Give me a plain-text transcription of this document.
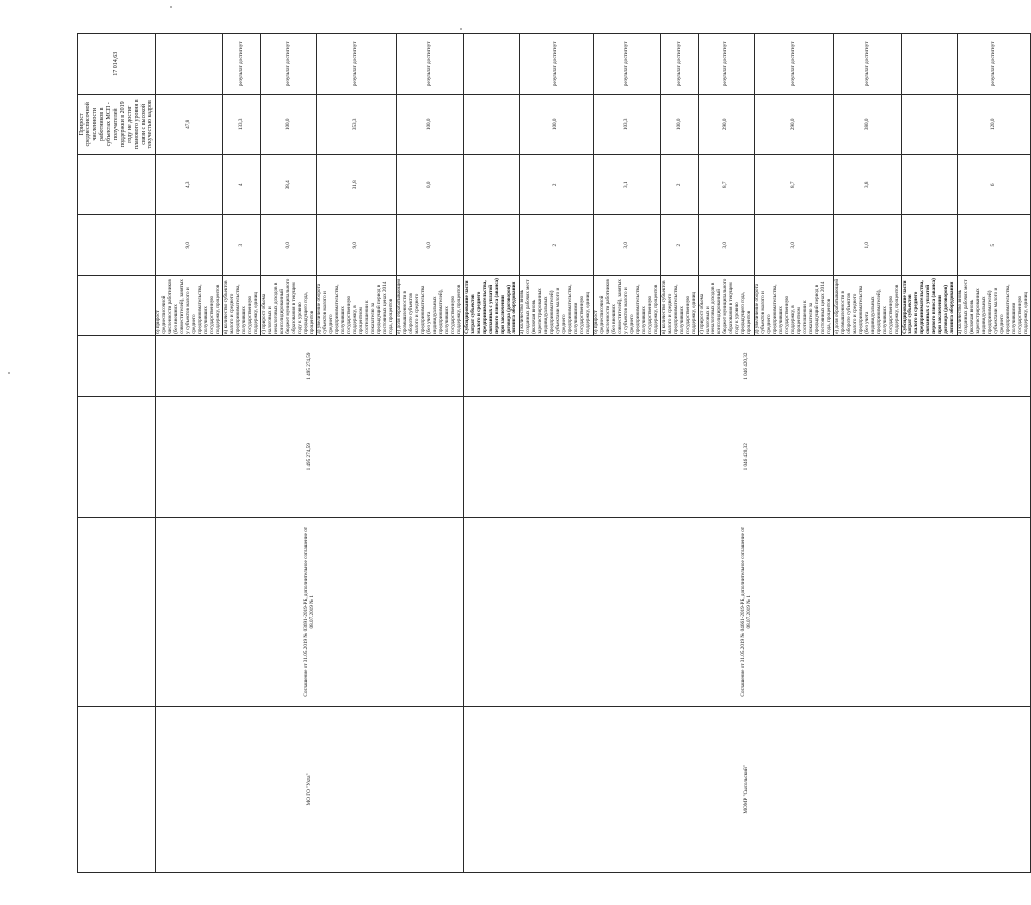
							Прирост среднесписочной численности работников в субъектах МСП - получателей поддержки в 2019 году не достиг планового уровня в связи с высокой текучестью кадров	17 014,63
МО ГО "Ухта"	Соглашение от 31.05.2019 № 03691-2019-РБ, дополнительное соглашение от 08.07.2019 № 1	1 495 274,59	1 495 274,59	б) прирост среднесписочной численности работников (без внешних совместителей), занятых у субъектов малого и среднего предпринимательства, получивших государственную поддержку, процентов	9,0	4,3	47,8	
				в) количество субъектов малого и среднего предпринимательства, получивших государственную поддержку, единиц	3	4	133,3	результат достигнут
				г) прирост объема налоговых и неналоговых доходов в консолидированный бюджет муниципального образования в текущем году к уровню предыдущего года, процентов	0,0	38,4	100,0	результат достигнут
				д) увеличение оборота субъектов малого и среднего предпринимательства, получивших государственную поддержку, в процентном соотношении к показателю за предыдущий период в постоянных ценах 2014 года, процентов	9,0	31,8	353,3	результат достигнут
				е) доля обрабатывающей промышленности в обороте субъектов малого и среднего предпринимательства (без учета индивидуальных предпринимателей), получивших государственную поддержку, процентов	0,0	0,0	100,0	результат достигнут
МОМР "Сысольский"	Соглашение от 31.05.2019 № 04661-2019-РБ, дополнительное соглашение от 08.07.2019 № 1	1 046 420,32	1 046 420,32	Субсидирование части затрат субъектов малого и среднего предпринимательства, связанных с уплатой первого взноса (аванса) при заключении договора (договоров) лизинга оборудования				
				а) количество вновь созданных рабочих мест (включая вновь зарегистрированных индивидуальных предпринимателей) субъектами малого и среднего предпринимательства, получившими государственную поддержку, единиц	2	2	100,0	результат достигнут
				б) прирост среднесписочной численности работников (без внешних совместителей), занятых у субъектов малого и среднего предпринимательства, получивших государственную поддержку, процентов	3,0	3,1	103,3	результат достигнут
				в) количество субъектов малого и среднего предпринимательства, получивших государственную поддержку, единиц	2	2	100,0	результат достигнут
				г) прирост объема налоговых и неналоговых доходов в консолидированный бюджет муниципального образования в текущем году к уровню предыдущего года, процентов	3,0	8,7	290,0	результат достигнут
				д) увеличение оборота субъектов малого и среднего предпринимательства, получивших государственную поддержку, в процентном соотношении к показателю за предыдущий период в постоянных ценах 2014 года, процентов	3,0	8,7	290,0	результат достигнут
				е) доля обрабатывающей промышленности в обороте субъектов малого и среднего предпринимательства (без учета индивидуальных предпринимателей), получивших государственную поддержку, процентов	1,0	3,8	380,0	результат достигнут
				Субсидирование части затрат субъектов малого и среднего предпринимательства, связанных с уплатой первого взноса (аванса) при заключении договора (договоров) лизинга оборудования				
				а) количество вновь созданных рабочих мест (включая вновь зарегистрированных индивидуальных предпринимателей) субъектами малого и среднего предпринимательства, получившими государственную поддержку, единиц	5	6	120,0	результат достигнут
